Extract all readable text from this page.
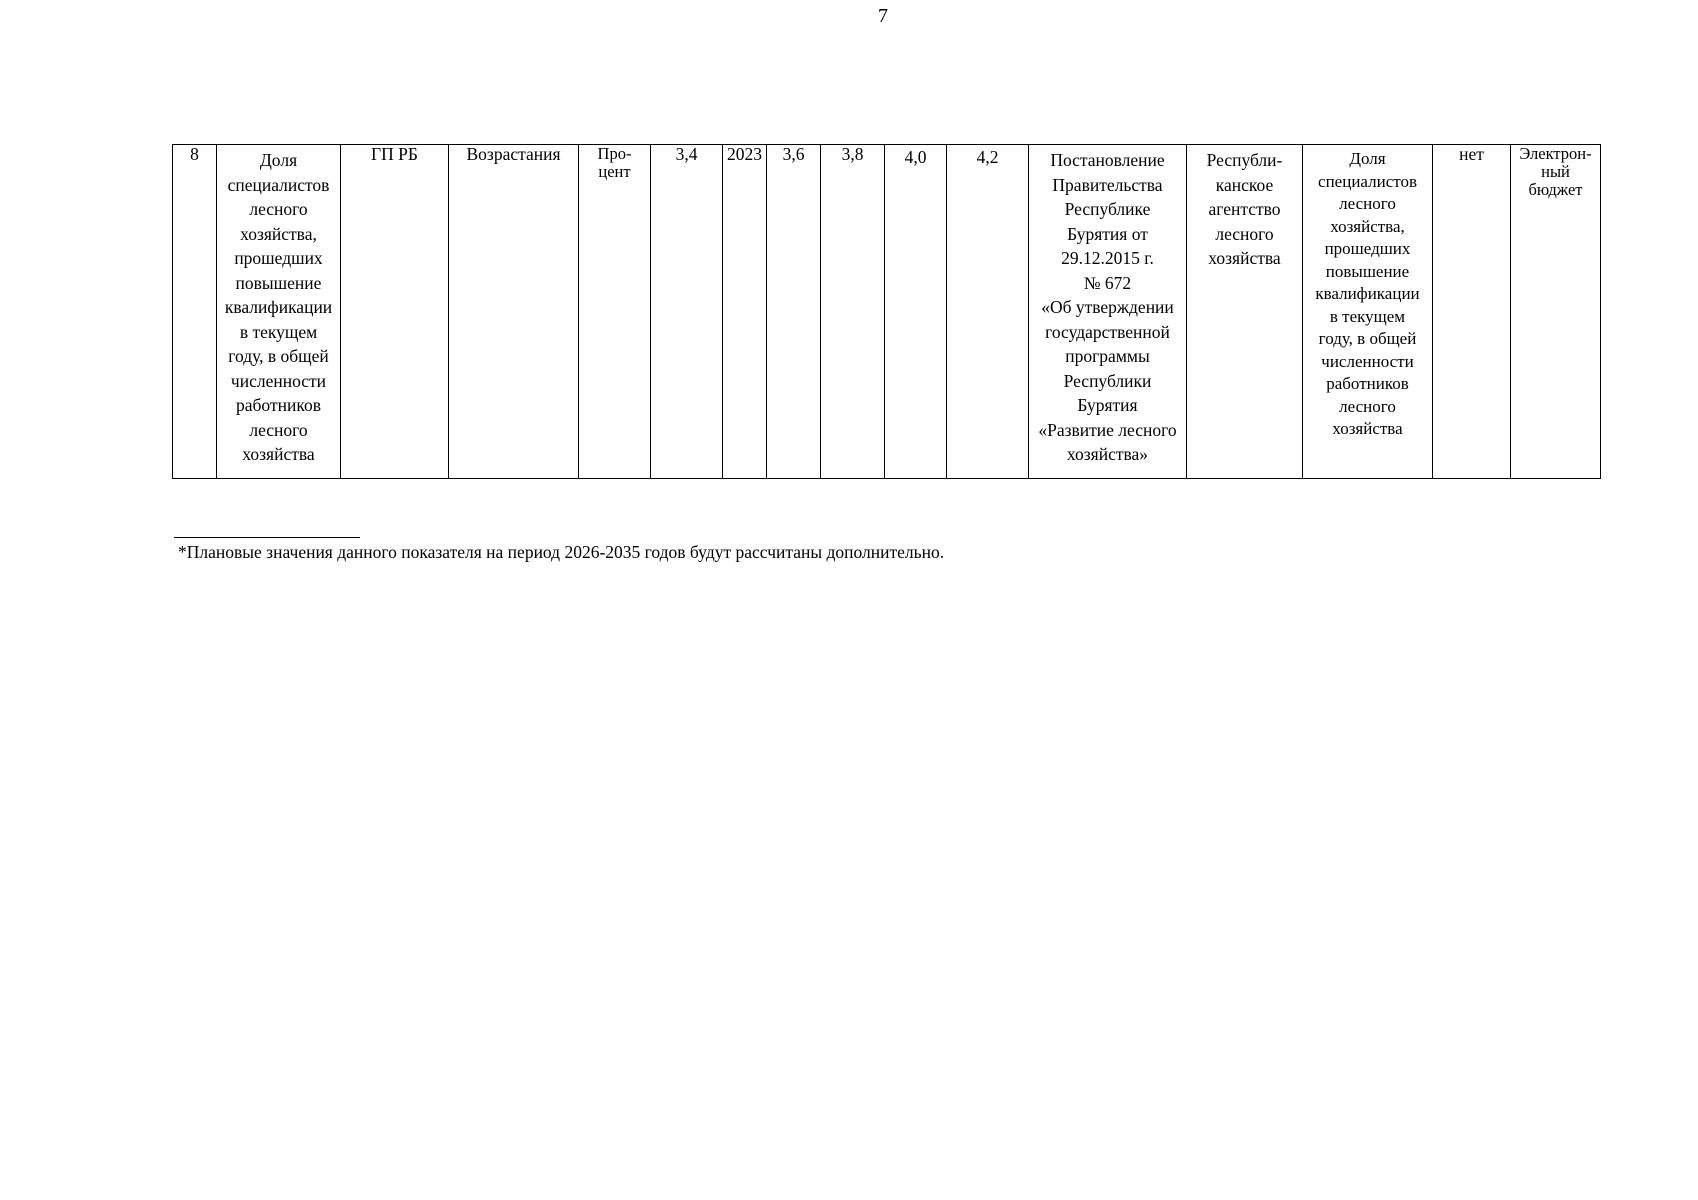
7
8	Доля
специалистов
лесного
хозяйства,
прошедших
повышение
квалификации
в текущем
году, в общей
численности
работников
лесного
хозяйства	ГП РБ	Возрастания	Про-
цент	3,4	2023	3,6	3,8	4,0	4,2	Постановление
Правительства
Республике
Бурятия от
29.12.2015 г.
№ 672
«Об утверждении
государственной
программы
Республики
Бурятия
«Развитие лесного
хозяйства»	Республи-
канское
агентство
лесного
хозяйства	Доля
специалистов
лесного
хозяйства,
прошедших
повышение
квалификации
в текущем
году, в общей
численности
работников
лесного
хозяйства	нет	Электрон-
ный
бюджет
*Плановые значения данного показателя на период 2026-2035 годов будут рассчитаны дополнительно.
